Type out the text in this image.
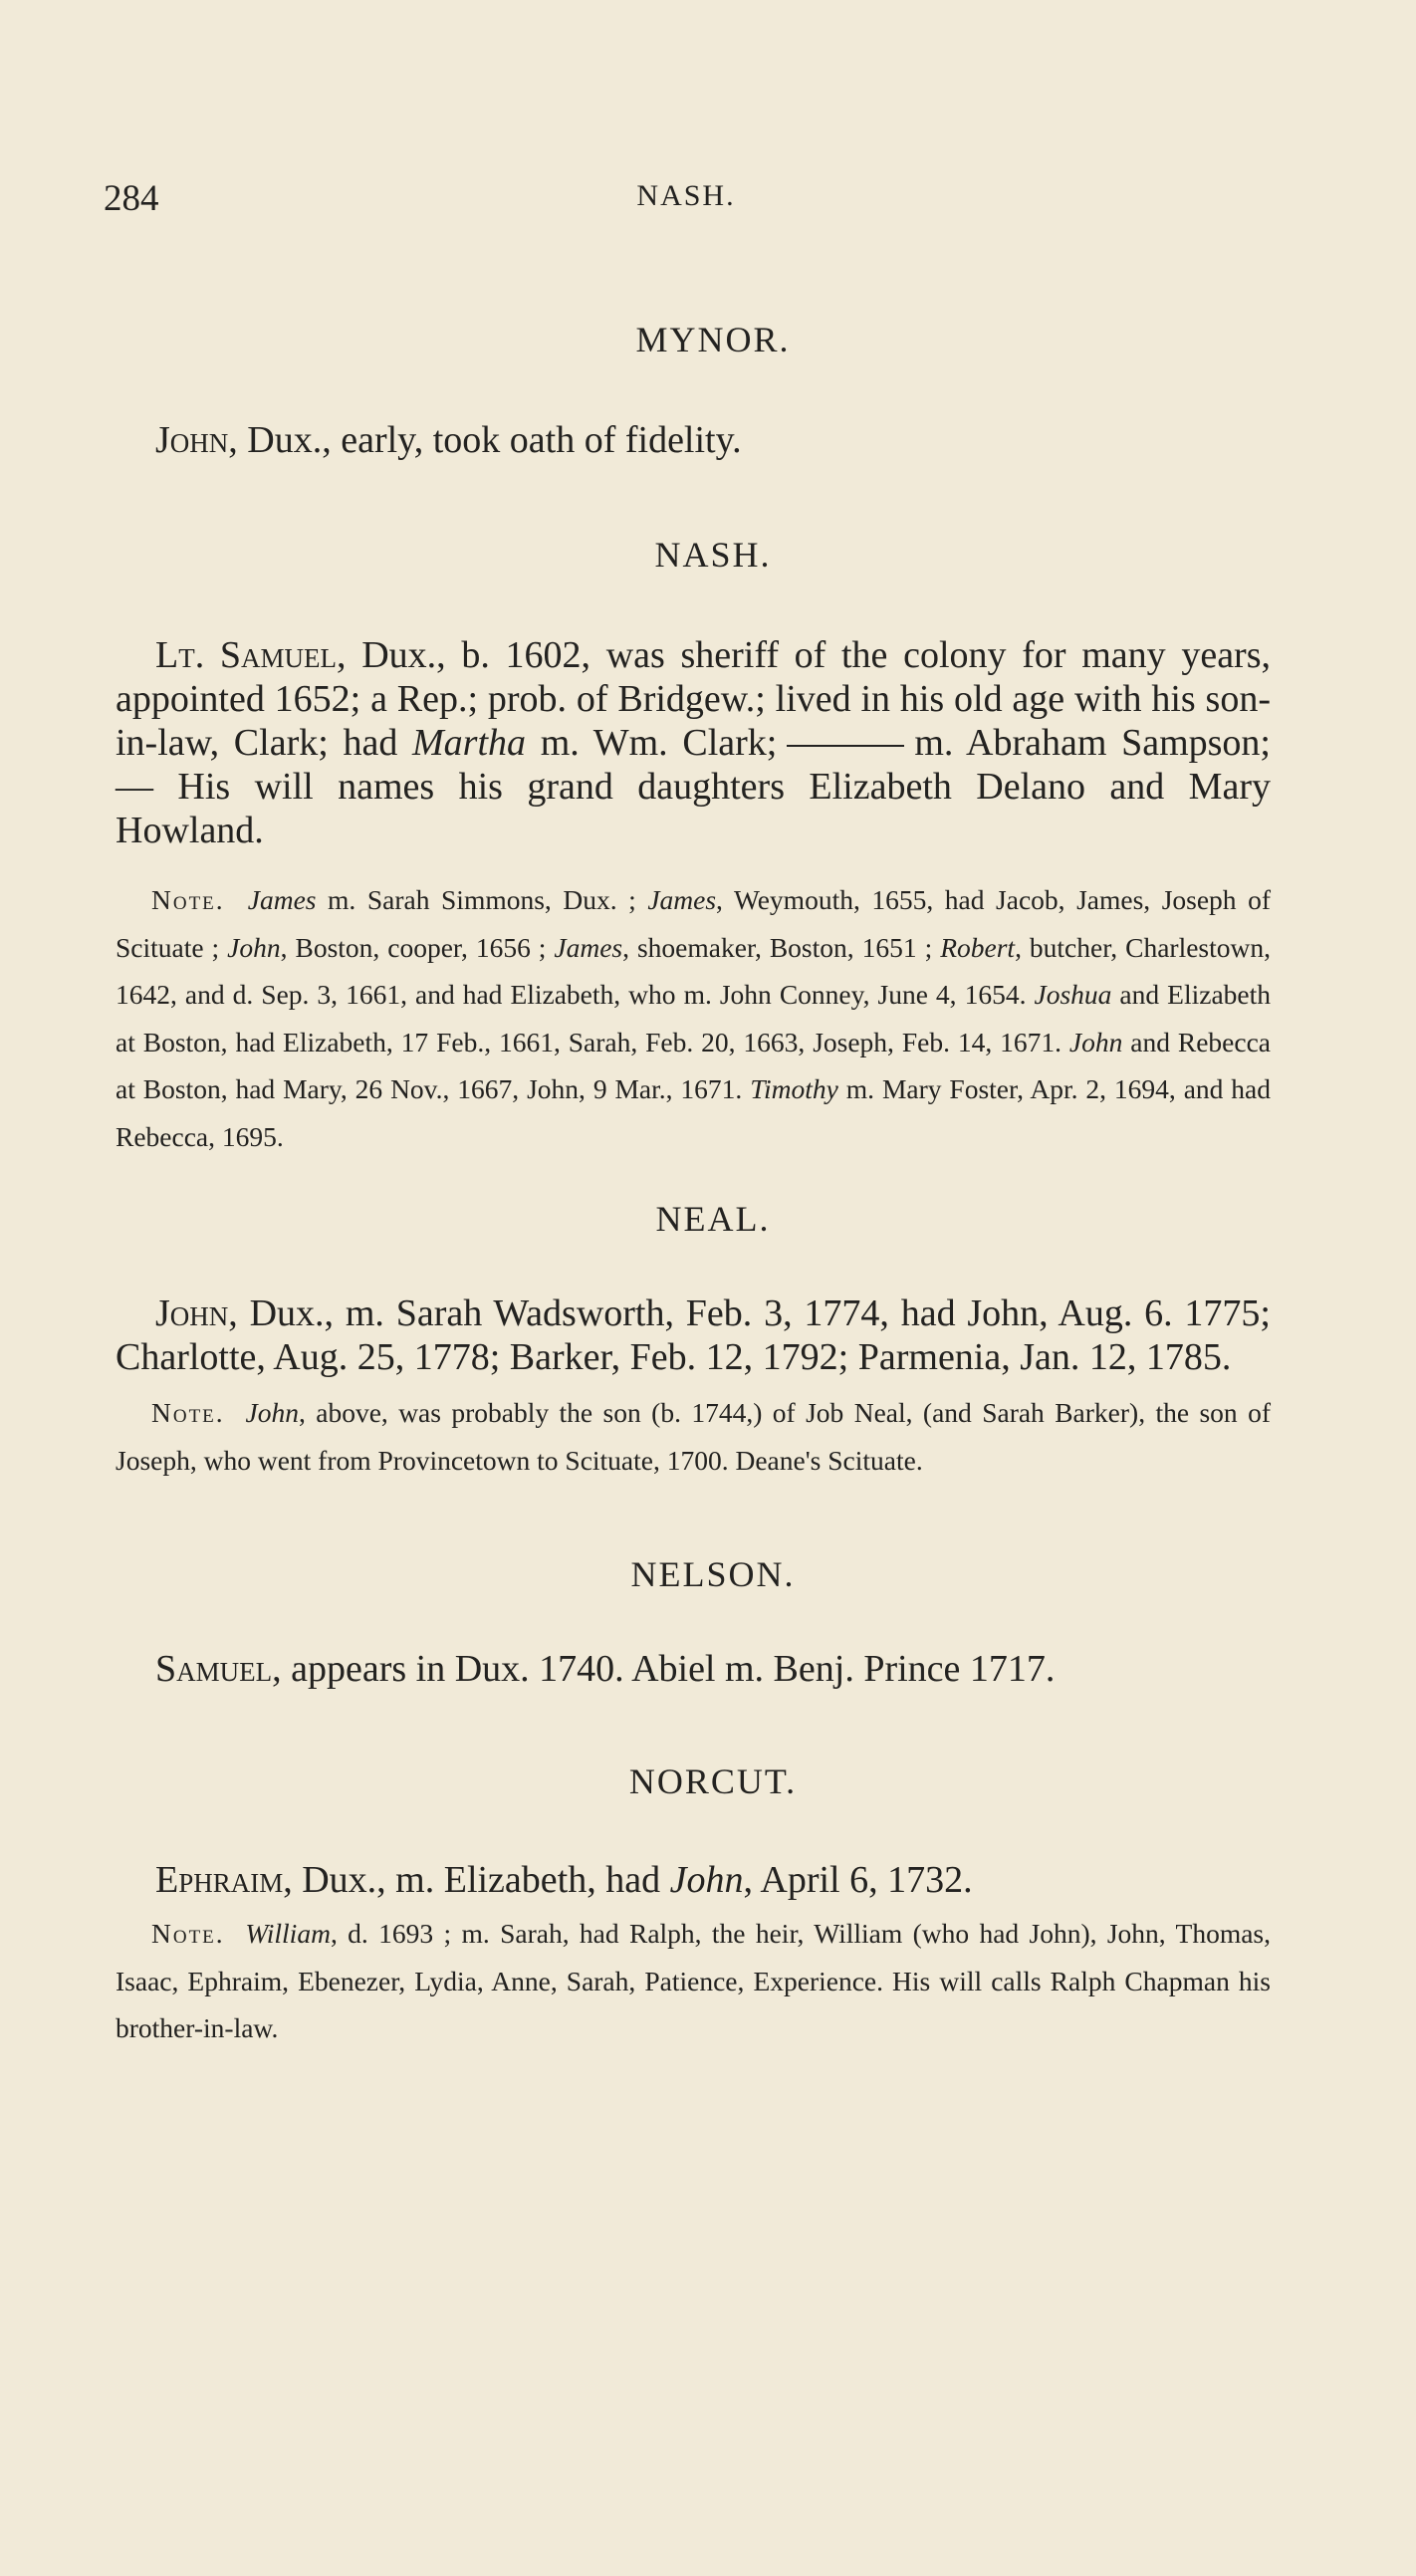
284	NASH.
MYNOR.

John, Dux., early, took oath of fidelity.

NASH.

Lt. Samuel, Dux., b. 1602, was sheriff of the colony for many years, appointed 1652; a Rep.; prob. of Bridgew.; lived in his old age with his son-in-law, Clark; had Martha m. Wm. Clark;	m. Abraham Sampson; — His will names his grand daughters Elizabeth Delano and Mary Howland.

Note. James m. Sarah Simmons, Dux. ; James, Weymouth, 1655, had Jacob, James, Joseph of Scituate ; John, Boston, cooper, 1656 ; James, shoemaker, Boston, 1651 ; Robert, butcher, Charlestown, 1642, and d. Sep. 3, 1661, and had Elizabeth, who m. John Conney, June 4, 1654. Joshua and Elizabeth at Boston, had Elizabeth, 17 Feb., 1661, Sarah, Feb. 20, 1663, Joseph, Feb. 14, 1671. John and Rebecca at Boston, had Mary, 26 Nov., 1667, John, 9 Mar., 1671. Timothy m. Mary Foster, Apr. 2, 1694, and had Rebecca, 1695.

NEAL.

John, Dux., m. Sarah Wadsworth, Feb. 3, 1774, had John, Aug. 6. 1775; Charlotte, Aug. 25, 1778; Barker, Feb. 12, 1792; Parmenia, Jan. 12, 1785.

Note. John, above, was probably the son (b. 1744,) of Job Neal, (and Sarah Barker), the son of Joseph, who went from Provincetown to Scituate, 1700. Deane's Scituate.

NELSON.

Samuel, appears in Dux. 1740. Abiel m. Benj. Prince 1717.

NORCUT.

Ephraim, Dux., m. Elizabeth, had John, April 6, 1732.

Note. William, d. 1693 ; m. Sarah, had Ralph, the heir, William (who had John), John, Thomas, Isaac, Ephraim, Ebenezer, Lydia, Anne, Sarah, Patience, Experience. His will calls Ralph Chapman his brother-in-law.
